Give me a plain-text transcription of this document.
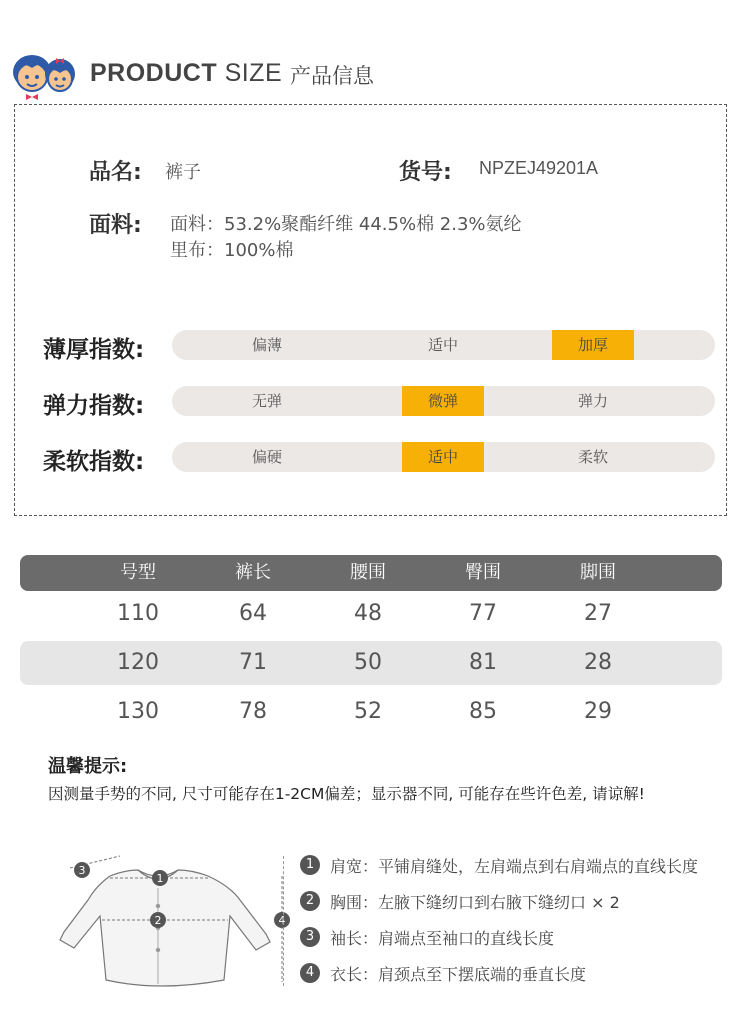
PRODUCT SIZE 产品信息
品名: 裤子	货号: NPZEJ49201A
面料: 面料：53.2%聚酯纤维 44.5%棉 2.3%氨纶
里布：100%棉
薄厚指数:	偏薄	适中	加厚
弹力指数:	无弹	微弹	弹力
柔软指数:	偏硬	适中	柔软
号型	裤长	腰围	臀围	脚围
110	64	48	77	27
120	71	50	81	28
130	78	52	85	29
温馨提示:
因测量手势的不同, 尺寸可能存在1-2CM偏差；显示器不同, 可能存在些许色差, 请谅解!
3
1
2	4
1 肩宽：平铺肩缝处，左肩端点到右肩端点的直线长度
2 胸围：左腋下缝纫口到右腋下缝纫口 × 2
3 袖长：肩端点至袖口的直线长度
4 衣长：肩颈点至下摆底端的垂直长度
